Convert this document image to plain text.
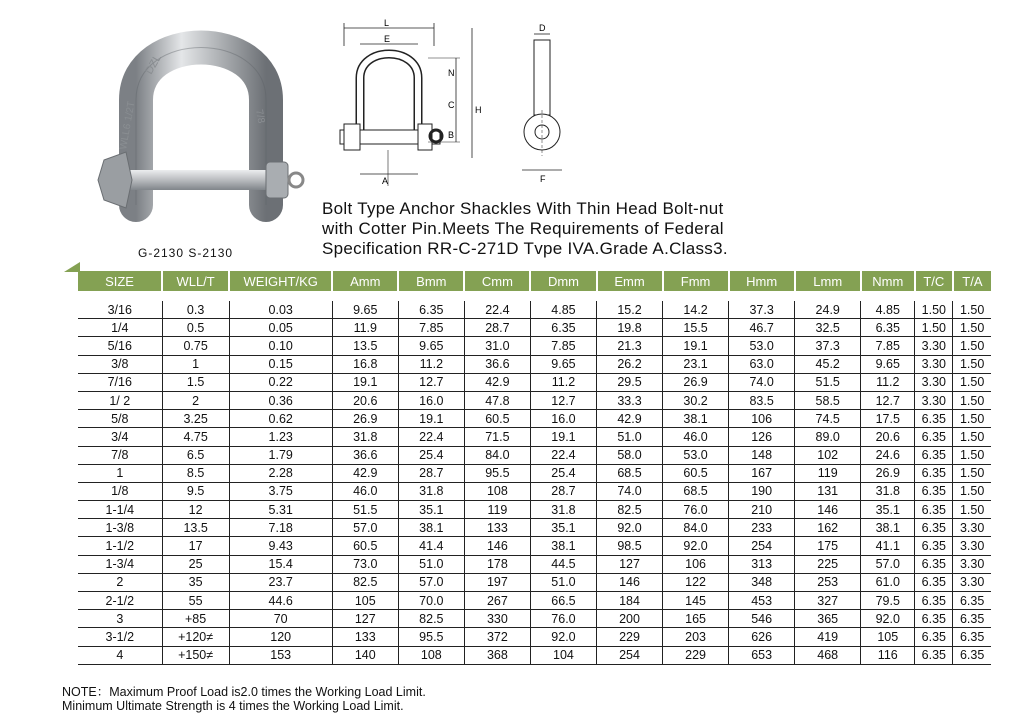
DZL
WLL6 1/2T	7/8
G-2130 S-2130
L
E
N
C
B
H
A
D
F
Bolt Type Anchor Shackles With Thin Head Bolt-nut
with Cotter Pin.Meets The Requirements of Federal
Specification RR-C-271D Tvpe IVA.Grade A.Class3.
SIZE	WLL/T	WEIGHT/KG	Amm	Bmm	Cmm	Dmm	Emm	Fmm	Hmm	Lmm	Nmm	T/C	T/A

3/16	0.3	0.03	9.65	6.35	22.4	4.85	15.2	14.2	37.3	24.9	4.85	1.50	1.50
1/4	0.5	0.05	11.9	7.85	28.7	6.35	19.8	15.5	46.7	32.5	6.35	1.50	1.50
5/16	0.75	0.10	13.5	9.65	31.0	7.85	21.3	19.1	53.0	37.3	7.85	3.30	1.50
3/8	1	0.15	16.8	11.2	36.6	9.65	26.2	23.1	63.0	45.2	9.65	3.30	1.50
7/16	1.5	0.22	19.1	12.7	42.9	11.2	29.5	26.9	74.0	51.5	11.2	3.30	1.50
1/ 2	2	0.36	20.6	16.0	47.8	12.7	33.3	30.2	83.5	58.5	12.7	3.30	1.50
5/8	3.25	0.62	26.9	19.1	60.5	16.0	42.9	38.1	106	74.5	17.5	6.35	1.50
3/4	4.75	1.23	31.8	22.4	71.5	19.1	51.0	46.0	126	89.0	20.6	6.35	1.50
7/8	6.5	1.79	36.6	25.4	84.0	22.4	58.0	53.0	148	102	24.6	6.35	1.50
1	8.5	2.28	42.9	28.7	95.5	25.4	68.5	60.5	167	119	26.9	6.35	1.50
1/8	9.5	3.75	46.0	31.8	108	28.7	74.0	68.5	190	131	31.8	6.35	1.50
1-1/4	12	5.31	51.5	35.1	119	31.8	82.5	76.0	210	146	35.1	6.35	1.50
1-3/8	13.5	7.18	57.0	38.1	133	35.1	92.0	84.0	233	162	38.1	6.35	3.30
1-1/2	17	9.43	60.5	41.4	146	38.1	98.5	92.0	254	175	41.1	6.35	3.30
1-3/4	25	15.4	73.0	51.0	178	44.5	127	106	313	225	57.0	6.35	3.30
2	35	23.7	82.5	57.0	197	51.0	146	122	348	253	61.0	6.35	3.30
2-1/2	55	44.6	105	70.0	267	66.5	184	145	453	327	79.5	6.35	6.35
3	+85	70	127	82.5	330	76.0	200	165	546	365	92.0	6.35	6.35
3-1/2	+120≠	120	133	95.5	372	92.0	229	203	626	419	105	6.35	6.35
4	+150≠	153	140	108	368	104	254	229	653	468	116	6.35	6.35
NOTE：Maximum Proof Load is2.0 times the Working Load Limit.
Minimum Ultimate Strength is 4 times the Working Load Limit.
